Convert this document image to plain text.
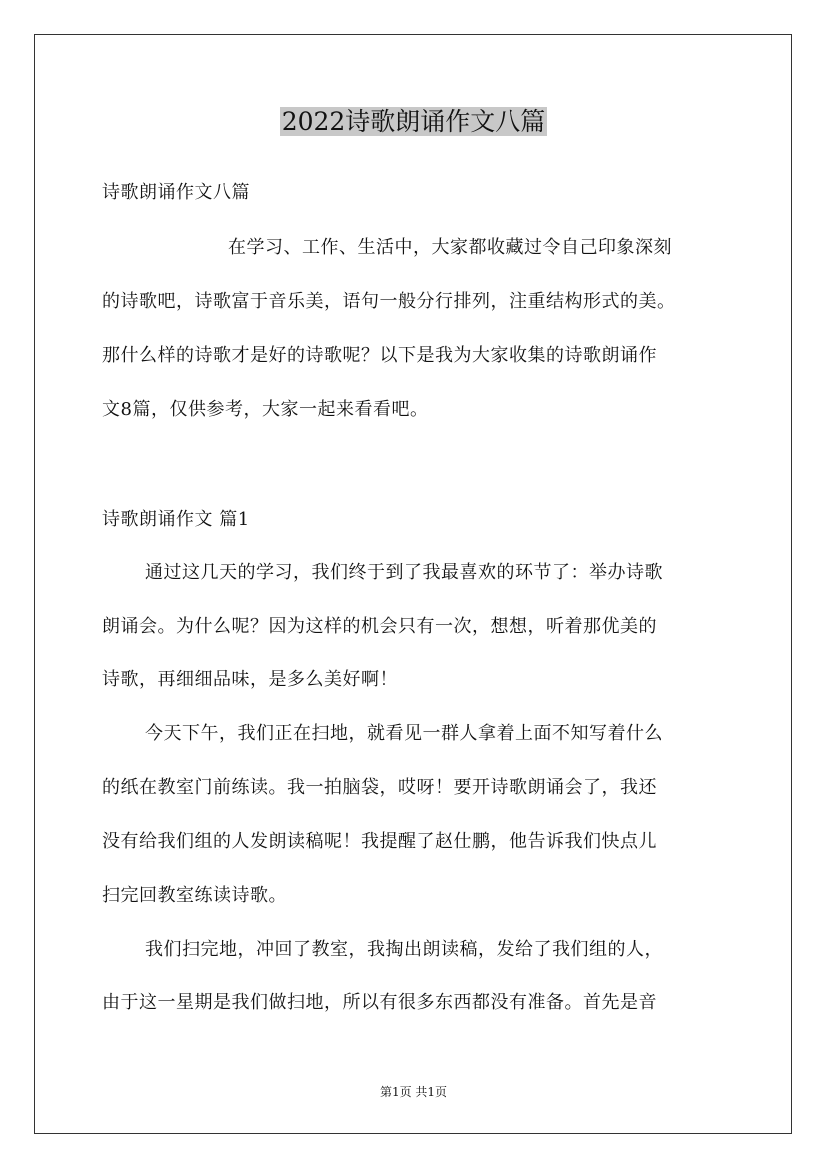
2022诗歌朗诵作文八篇
诗歌朗诵作文八篇
在学习、工作、生活中，大家都收藏过令自己印象深刻
的诗歌吧，诗歌富于音乐美，语句一般分行排列，注重结构形式的美。
那什么样的诗歌才是好的诗歌呢？以下是我为大家收集的诗歌朗诵作
文8篇，仅供参考，大家一起来看看吧。
诗歌朗诵作文 篇1
通过这几天的学习，我们终于到了我最喜欢的环节了：举办诗歌
朗诵会。为什么呢？因为这样的机会只有一次，想想，听着那优美的
诗歌，再细细品味，是多么美好啊！
今天下午，我们正在扫地，就看见一群人拿着上面不知写着什么
的纸在教室门前练读。我一拍脑袋，哎呀！要开诗歌朗诵会了，我还
没有给我们组的人发朗读稿呢！我提醒了赵仕鹏，他告诉我们快点儿
扫完回教室练读诗歌。
我们扫完地，冲回了教室，我掏出朗读稿，发给了我们组的人，
由于这一星期是我们做扫地，所以有很多东西都没有准备。首先是音
第1页 共1页
